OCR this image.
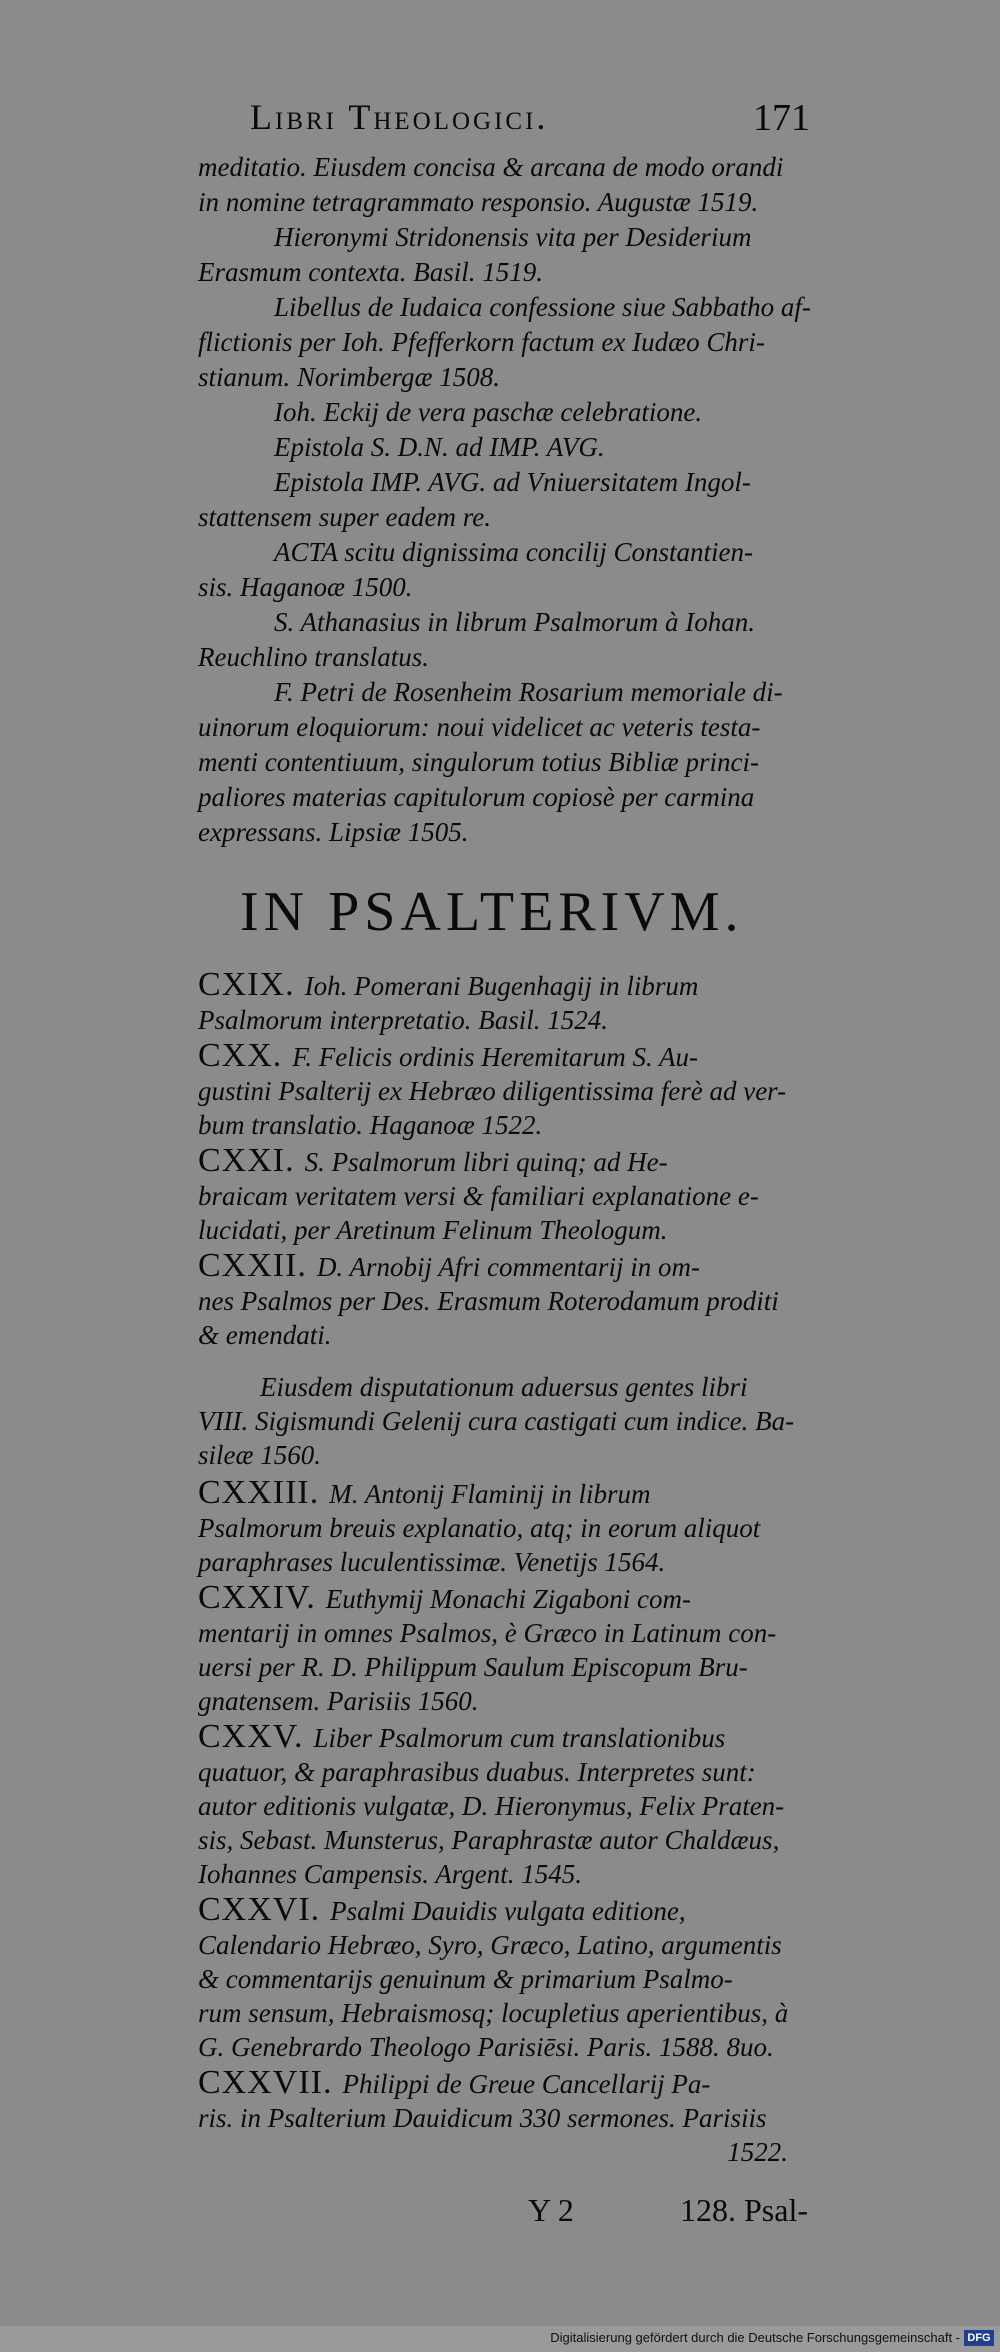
Libri Theologici.	171
meditatio. Eiusdem concisa & arcana de modo orandi
in nomine tetragrammato responsio. Augustæ 1519.
Hieronymi Stridonensis vita per Desiderium
Erasmum contexta. Basil. 1519.
Libellus de Iudaica confessione siue Sabbatho af-
flictionis per Ioh. Pfefferkorn factum ex Iudæo Chri-
stianum. Norimbergæ 1508.
Ioh. Eckij de vera paschæ celebratione.
Epistola S. D.N. ad IMP. AVG.
Epistola IMP. AVG. ad Vniuersitatem Ingol-
stattensem super eadem re.
ACTA scitu dignissima concilij Constantien-
sis. Haganoæ 1500.
S. Athanasius in librum Psalmorum à Iohan.
Reuchlino translatus.
F. Petri de Rosenheim Rosarium memoriale di-
uinorum eloquiorum: noui videlicet ac veteris testa-
menti contentiuum, singulorum totius Bibliæ princi-
paliores materias capitulorum copiosè per carmina
expressans. Lipsiæ 1505.
IN PSALTERIVM.
CXIX. Ioh. Pomerani Bugenhagij in librum
Psalmorum interpretatio. Basil. 1524.
CXX. F. Felicis ordinis Heremitarum S. Au-
gustini Psalterij ex Hebræo diligentissima ferè ad ver-
bum translatio. Haganoæ 1522.
CXXI. S. Psalmorum libri quinq; ad He-
braicam veritatem versi & familiari explanatione e-
lucidati, per Aretinum Felinum Theologum.
CXXII. D. Arnobij Afri commentarij in om-
nes Psalmos per Des. Erasmum Roterodamum proditi
& emendati.
Eiusdem disputationum aduersus gentes libri
VIII. Sigismundi Gelenij cura castigati cum indice. Ba-
sileæ 1560.
CXXIII. M. Antonij Flaminij in librum
Psalmorum breuis explanatio, atq; in eorum aliquot
paraphrases luculentissimæ. Venetijs 1564.
CXXIV. Euthymij Monachi Zigaboni com-
mentarij in omnes Psalmos, è Græco in Latinum con-
uersi per R. D. Philippum Saulum Episcopum Bru-
gnatensem. Parisiis 1560.
CXXV. Liber Psalmorum cum translationibus
quatuor, & paraphrasibus duabus. Interpretes sunt:
autor editionis vulgatæ, D. Hieronymus, Felix Praten-
sis, Sebast. Munsterus, Paraphrastæ autor Chaldæus,
Iohannes Campensis. Argent. 1545.
CXXVI. Psalmi Dauidis vulgata editione,
Calendario Hebræo, Syro, Græco, Latino, argumentis
& commentarijs genuinum & primarium Psalmo-
rum sensum, Hebraismosq; locupletius aperientibus, à
G. Genebrardo Theologo Parisiēsi. Paris. 1588. 8uo.
CXXVII. Philippi de Greue Cancellarij Pa-
ris. in Psalterium Dauidicum 330 sermones. Parisiis
1522.
Y 2	128. Psal-
Digitalisierung gefördert durch die Deutsche Forschungsgemeinschaft - DFG
